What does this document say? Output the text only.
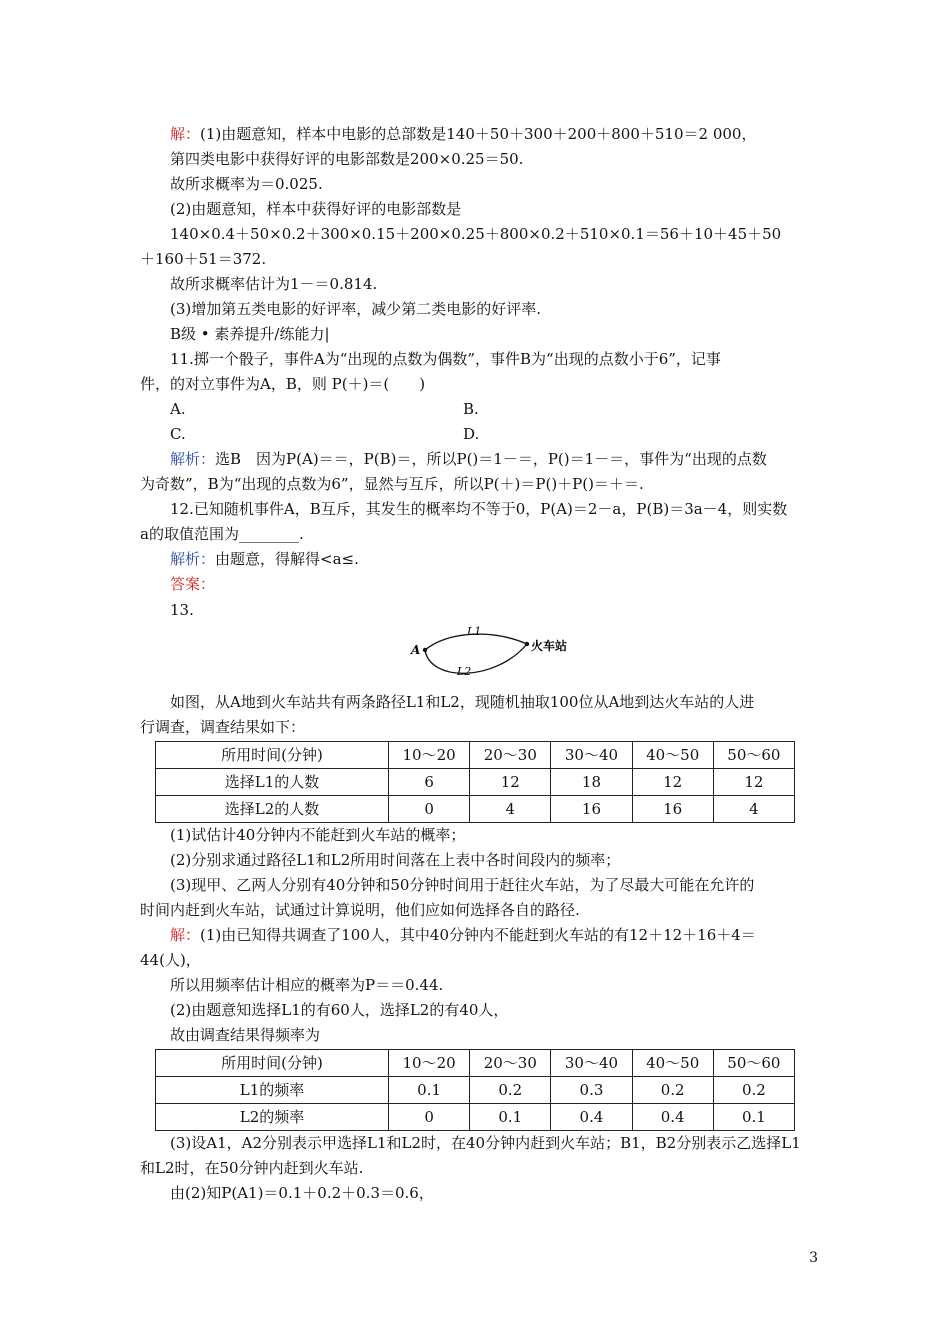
解：(1)由题意知，样本中电影的总部数是140＋50＋300＋200＋800＋510＝2 000，
第四类电影中获得好评的电影部数是200×0.25＝50.
故所求概率为＝0.025.
(2)由题意知，样本中获得好评的电影部数是
140×0.4＋50×0.2＋300×0.15＋200×0.25＋800×0.2＋510×0.1＝56＋10＋45＋50
＋160＋51＝372.
故所求概率估计为1－＝0.814.
(3)增加第五类电影的好评率，减少第二类电影的好评率.
B级 • 素养提升/练能力|
11.掷一个骰子，事件A为“出现的点数为偶数”，事件B为“出现的点数小于6”，记事
件，的对立事件为A，B，则 P(＋)＝(　　)
A.	B.
C.	D.
解析：选B　因为P(A)＝＝，P(B)＝，所以P()＝1－＝，P()＝1－＝，事件为“出现的点数
为奇数”，B为“出现的点数为6”，显然与互斥，所以P(＋)＝P()＋P()＝＋＝.
12.已知随机事件A，B互斥，其发生的概率均不等于0，P(A)＝2－a，P(B)＝3a－4，则实数
a的取值范围为________.
解析：由题意，得解得<a≤.
答案：
13.
A	火车站
L1
L2
如图，从A地到火车站共有两条路径L1和L2，现随机抽取100位从A地到达火车站的人进
行调查，调查结果如下：
所用时间(分钟)	10～20	20～30	30～40	40～50	50～60
选择L1的人数	6	12	18	12	12
选择L2的人数	0	4	16	16	4
(1)试估计40分钟内不能赶到火车站的概率；
(2)分别求通过路径L1和L2所用时间落在上表中各时间段内的频率；
(3)现甲、乙两人分别有40分钟和50分钟时间用于赶往火车站，为了尽最大可能在允许的
时间内赶到火车站，试通过计算说明，他们应如何选择各自的路径.
解：(1)由已知得共调查了100人，其中40分钟内不能赶到火车站的有12＋12＋16＋4＝
44(人)，
所以用频率估计相应的概率为P＝＝0.44.
(2)由题意知选择L1的有60人，选择L2的有40人，
故由调查结果得频率为
所用时间(分钟)	10～20	20～30	30～40	40～50	50～60
L1的频率	0.1	0.2	0.3	0.2	0.2
L2的频率	0	0.1	0.4	0.4	0.1
(3)设A1，A2分别表示甲选择L1和L2时，在40分钟内赶到火车站；B1，B2分别表示乙选择L1
和L2时，在50分钟内赶到火车站.
由(2)知P(A1)＝0.1＋0.2＋0.3＝0.6，
3
